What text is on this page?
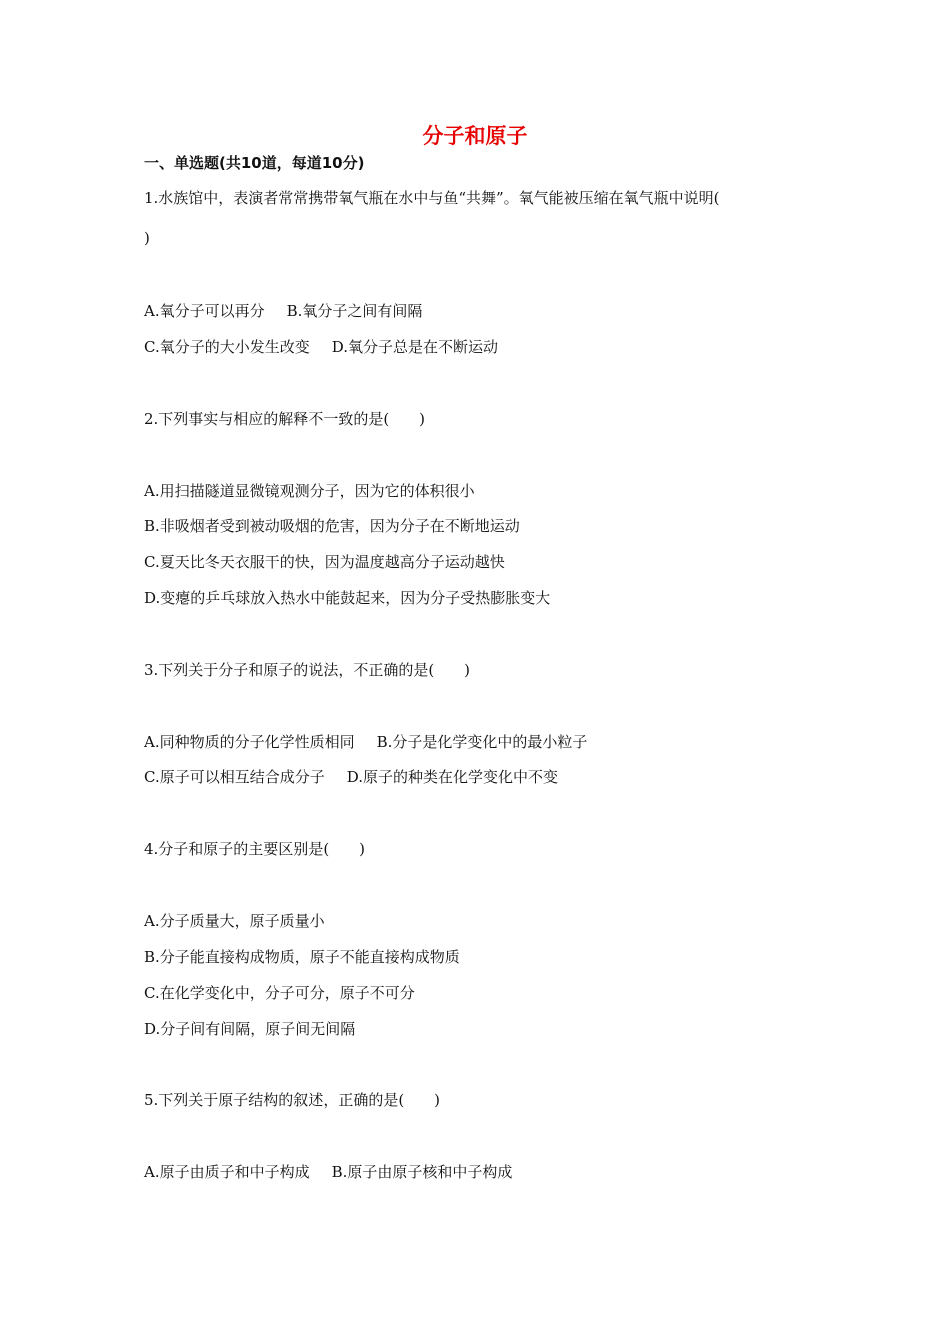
分子和原子
一、单选题(共10道，每道10分)
1.水族馆中，表演者常常携带氧气瓶在水中与鱼“共舞”。氧气能被压缩在氧气瓶中说明(
)
A.氧分子可以再分 B.氧分子之间有间隔
C.氧分子的大小发生改变 D.氧分子总是在不断运动
2.下列事实与相应的解释不一致的是(　　)
A.用扫描隧道显微镜观测分子，因为它的体积很小
B.非吸烟者受到被动吸烟的危害，因为分子在不断地运动
C.夏天比冬天衣服干的快，因为温度越高分子运动越快
D.变瘪的乒乓球放入热水中能鼓起来，因为分子受热膨胀变大
3.下列关于分子和原子的说法，不正确的是(　　)
A.同种物质的分子化学性质相同 B.分子是化学变化中的最小粒子
C.原子可以相互结合成分子 D.原子的种类在化学变化中不变
4.分子和原子的主要区别是(　　)
A.分子质量大，原子质量小
B.分子能直接构成物质，原子不能直接构成物质
C.在化学变化中，分子可分，原子不可分
D.分子间有间隔，原子间无间隔
5.下列关于原子结构的叙述，正确的是(　　)
A.原子由质子和中子构成 B.原子由原子核和中子构成
